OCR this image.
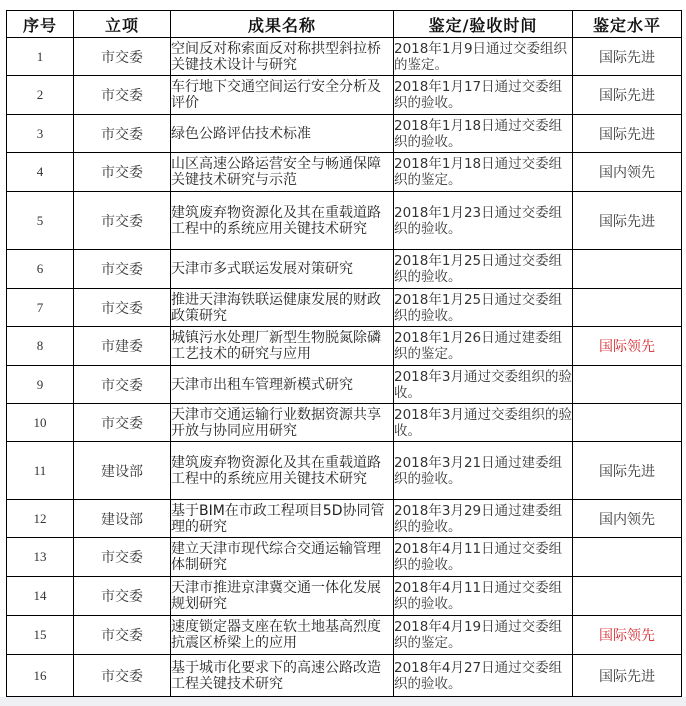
序号	立项	成果名称	鉴定/验收时间	鉴定水平
1	市交委	空间反对称索面反对称拱型斜拉桥关键技术设计与研究	2018年1月9日通过交委组织的鉴定。	国际先进
2	市交委	车行地下交通空间运行安全分析及评价	2018年1月17日通过交委组织的验收。	国际先进
3	市交委	绿色公路评估技术标准	2018年1月18日通过交委组织的验收。	国际先进
4	市交委	山区高速公路运营安全与畅通保障关键技术研究与示范	2018年1月18日通过交委组织的鉴定。	国内领先
5	市交委	建筑废弃物资源化及其在重载道路工程中的系统应用关键技术研究	2018年1月23日通过交委组织的验收。	国际先进
6	市交委	天津市多式联运发展对策研究	2018年1月25日通过交委组织的验收。	
7	市交委	推进天津海铁联运健康发展的财政政策研究	2018年1月25日通过交委组织的验收。	
8	市建委	城镇污水处理厂新型生物脱氮除磷工艺技术的研究与应用	2018年1月26日通过建委组织的鉴定。	国际领先
9	市交委	天津市出租车管理新模式研究	2018年3月通过交委组织的验收。	
10	市交委	天津市交通运输行业数据资源共享开放与协同应用研究	2018年3月通过交委组织的验收。	
11	建设部	建筑废弃物资源化及其在重载道路工程中的系统应用关键技术研究	2018年3月21日通过建委组织的验收。	国际先进
12	建设部	基于BIM在市政工程项目5D协同管理的研究	2018年3月29日通过建委组织的验收。	国内领先
13	市交委	建立天津市现代综合交通运输管理体制研究	2018年4月11日通过交委组织的验收。	
14	市交委	天津市推进京津冀交通一体化发展规划研究	2018年4月11日通过交委组织的验收。	
15	市交委	速度锁定器支座在软土地基高烈度抗震区桥梁上的应用	2018年4月19日通过交委组织的鉴定。	国际领先
16	市交委	基于城市化要求下的高速公路改造工程关键技术研究	2018年4月27日通过交委组织的验收。	国际先进
